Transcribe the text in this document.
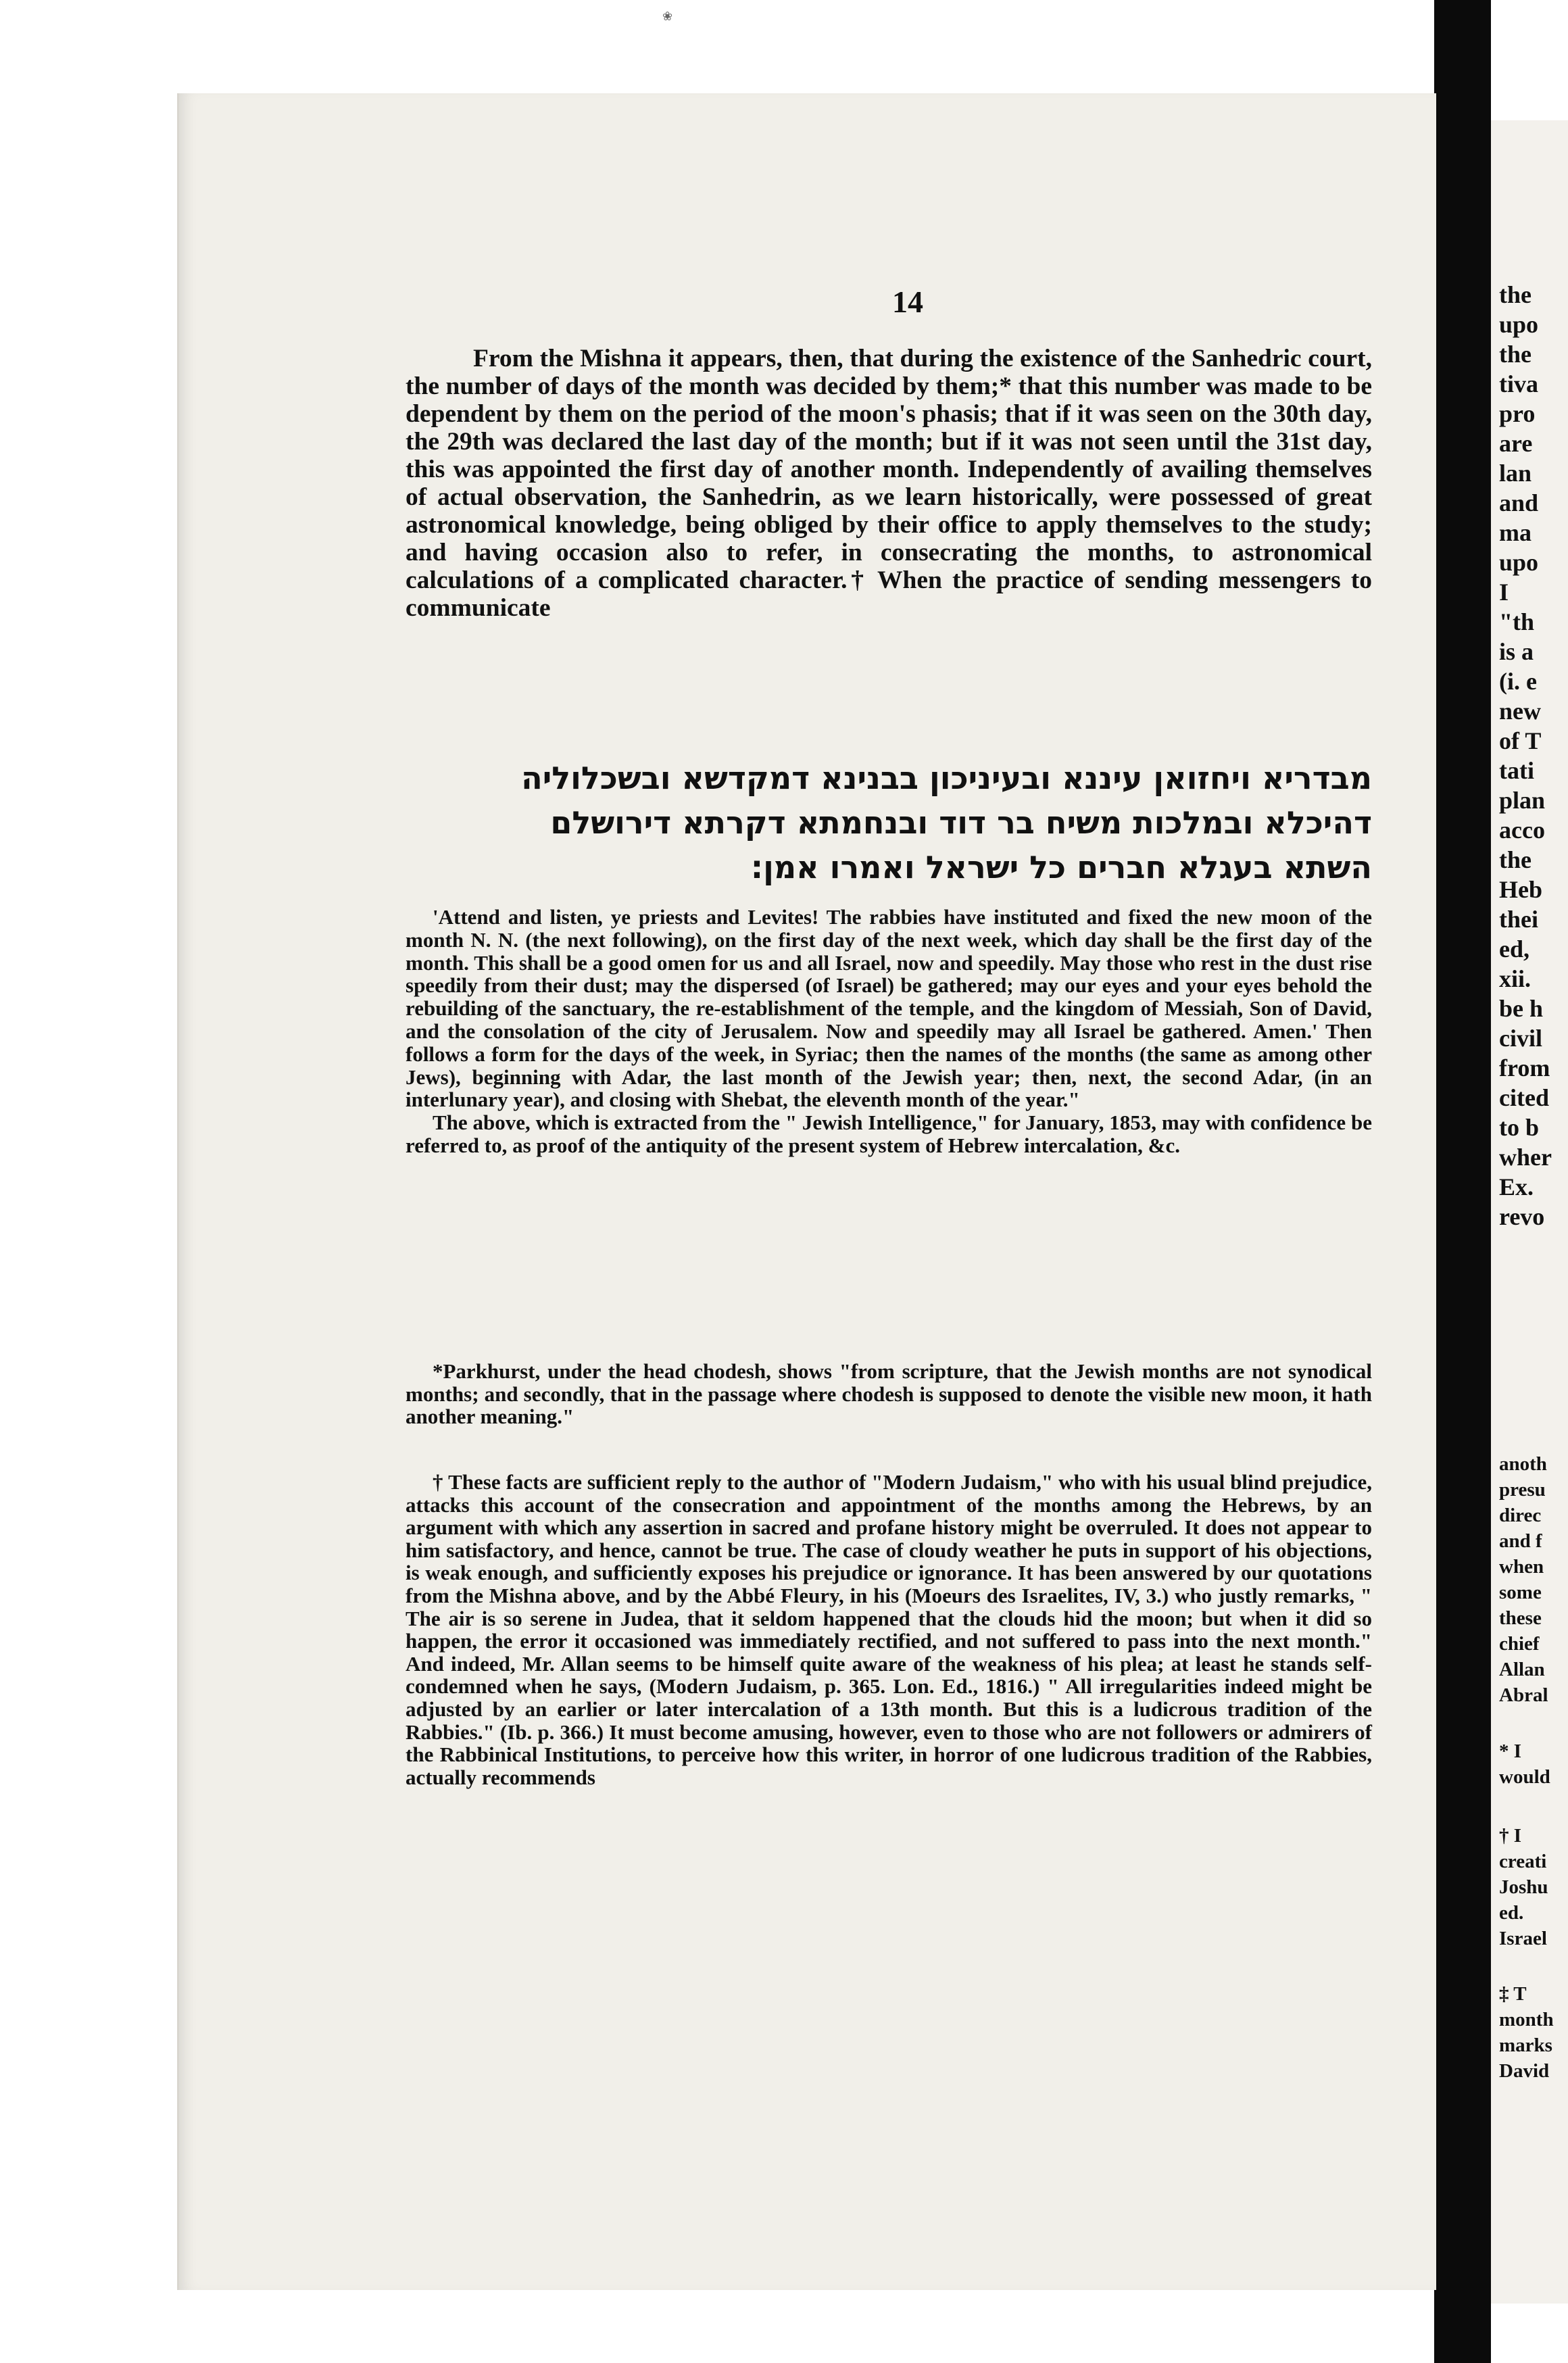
❀
14

From the Mishna it appears, then, that during the existence of the Sanhedric court, the number of days of the month was decided by them;* that this number was made to be dependent by them on the period of the moon's phasis; that if it was seen on the 30th day, the 29th was declared the last day of the month; but if it was not seen until the 31st day, this was appointed the first day of another month. Independently of availing themselves of actual observation, the Sanhedrin, as we learn historically, were possessed of great astronomical knowledge, being obliged by their office to apply themselves to the study; and having occasion also to refer, in consecrating the months, to astronomical calculations of a complicated character.† When the practice of sending messengers to communicate

מבדריא ויחזואן עיננא ובעיניכון בבנינא דמקדשא ובשכלוליה
דהיכלא ובמלכות משיח בר דוד ובנחמתא דקרתא דירושלם
השתא בעגלא חברים כל ישראל ואמרו אמן:

'Attend and listen, ye priests and Levites! The rabbies have instituted and fixed the new moon of the month N. N. (the next following), on the first day of the next week, which day shall be the first day of the month. This shall be a good omen for us and all Israel, now and speedily. May those who rest in the dust rise speedily from their dust; may the dispersed (of Israel) be gathered; may our eyes and your eyes behold the rebuilding of the sanctuary, the re-establishment of the temple, and the kingdom of Messiah, Son of David, and the consolation of the city of Jerusalem. Now and speedily may all Israel be gathered. Amen.' Then follows a form for the days of the week, in Syriac; then the names of the months (the same as among other Jews), beginning with Adar, the last month of the Jewish year; then, next, the second Adar, (in an interlunary year), and closing with Shebat, the eleventh month of the year."

The above, which is extracted from the " Jewish Intelligence," for January, 1853, may with confidence be referred to, as proof of the antiquity of the present system of Hebrew intercalation, &c.

*Parkhurst, under the head chodesh, shows "from scripture, that the Jewish months are not synodical months; and secondly, that in the passage where chodesh is supposed to denote the visible new moon, it hath another meaning."

† These facts are sufficient reply to the author of "Modern Judaism," who with his usual blind prejudice, attacks this account of the consecration and appointment of the months among the Hebrews, by an argument with which any assertion in sacred and profane history might be overruled. It does not appear to him satisfactory, and hence, cannot be true. The case of cloudy weather he puts in support of his objections, is weak enough, and sufficiently exposes his prejudice or ignorance. It has been answered by our quotations from the Mishna above, and by the Abbé Fleury, in his (Moeurs des Israelites, IV, 3.) who justly remarks, " The air is so serene in Judea, that it seldom happened that the clouds hid the moon; but when it did so happen, the error it occasioned was immediately rectified, and not suffered to pass into the next month." And indeed, Mr. Allan seems to be himself quite aware of the weakness of his plea; at least he stands self-condemned when he says, (Modern Judaism, p. 365. Lon. Ed., 1816.) " All irregularities indeed might be adjusted by an earlier or later intercalation of a 13th month. But this is a ludicrous tradition of the Rabbies." (Ib. p. 366.) It must become amusing, however, even to those who are not followers or admirers of the Rabbinical Institutions, to perceive how this writer, in horror of one ludicrous tradition of the Rabbies, actually recommends

the
upo
the
tiva
pro
are
lan
and
ma
upo
I
"th
is a
(i. e
new
of T
tati
plan
acco
the
Heb
thei
ed,
xii.
be h
civil
from
cited
to b
wher
Ex.
revo
anoth
presu
direc
and f
when
some
these
chief
Allan
Abral
* I
would
† I
creati
Joshu
ed.
Israel
‡ T
month
marks
David
